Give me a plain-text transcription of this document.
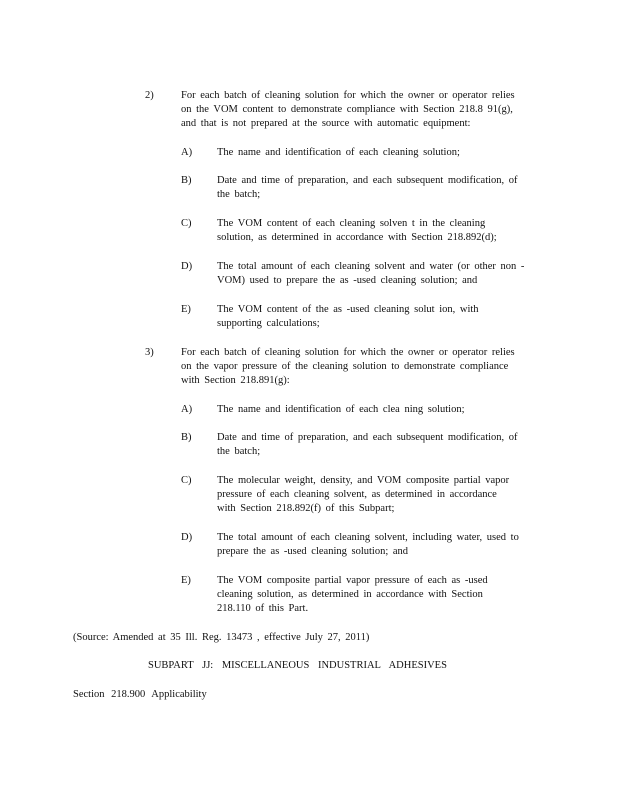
2)	For each batch of cleaning solution for which the owner or operator relies
on the VOM content to demonstrate compliance with Section 218.8 91(g),
and that is not prepared at the source with automatic equipment:
A) The name and identification of each cleaning solution;
B) Date and time of preparation, and each subsequent modification, of
the batch;
C) The VOM content of each cleaning solven t in the cleaning
solution, as determined in accordance with Section 218.892(d);
D) The total amount of each cleaning solvent and water (or other non -
VOM) used to prepare the as -used cleaning solution; and
E) The VOM content of the as -used cleaning solut ion, with
supporting calculations;
3)	For each batch of cleaning solution for which the owner or operator relies
on the vapor pressure of the cleaning solution to demonstrate compliance
with Section 218.891(g):
A) The name and identification of each clea ning solution;
B) Date and time of preparation, and each subsequent modification, of
the batch;
C) The molecular weight, density, and VOM composite partial vapor
pressure of each cleaning solvent, as determined in accordance
with Section 218.892(f) of this Subpart;
D) The total amount of each cleaning solvent, including water, used to
prepare the as -used cleaning solution; and
E) The VOM composite partial vapor pressure of each as -used
cleaning solution, as determined in accordance with Section
218.110 of this Part.
(Source: Amended at 35 Ill. Reg. 13473 , effective July 27, 2011)
SUBPART JJ: MISCELLANEOUS INDUSTRIAL ADHESIVES
Section 218.900 Applicability
